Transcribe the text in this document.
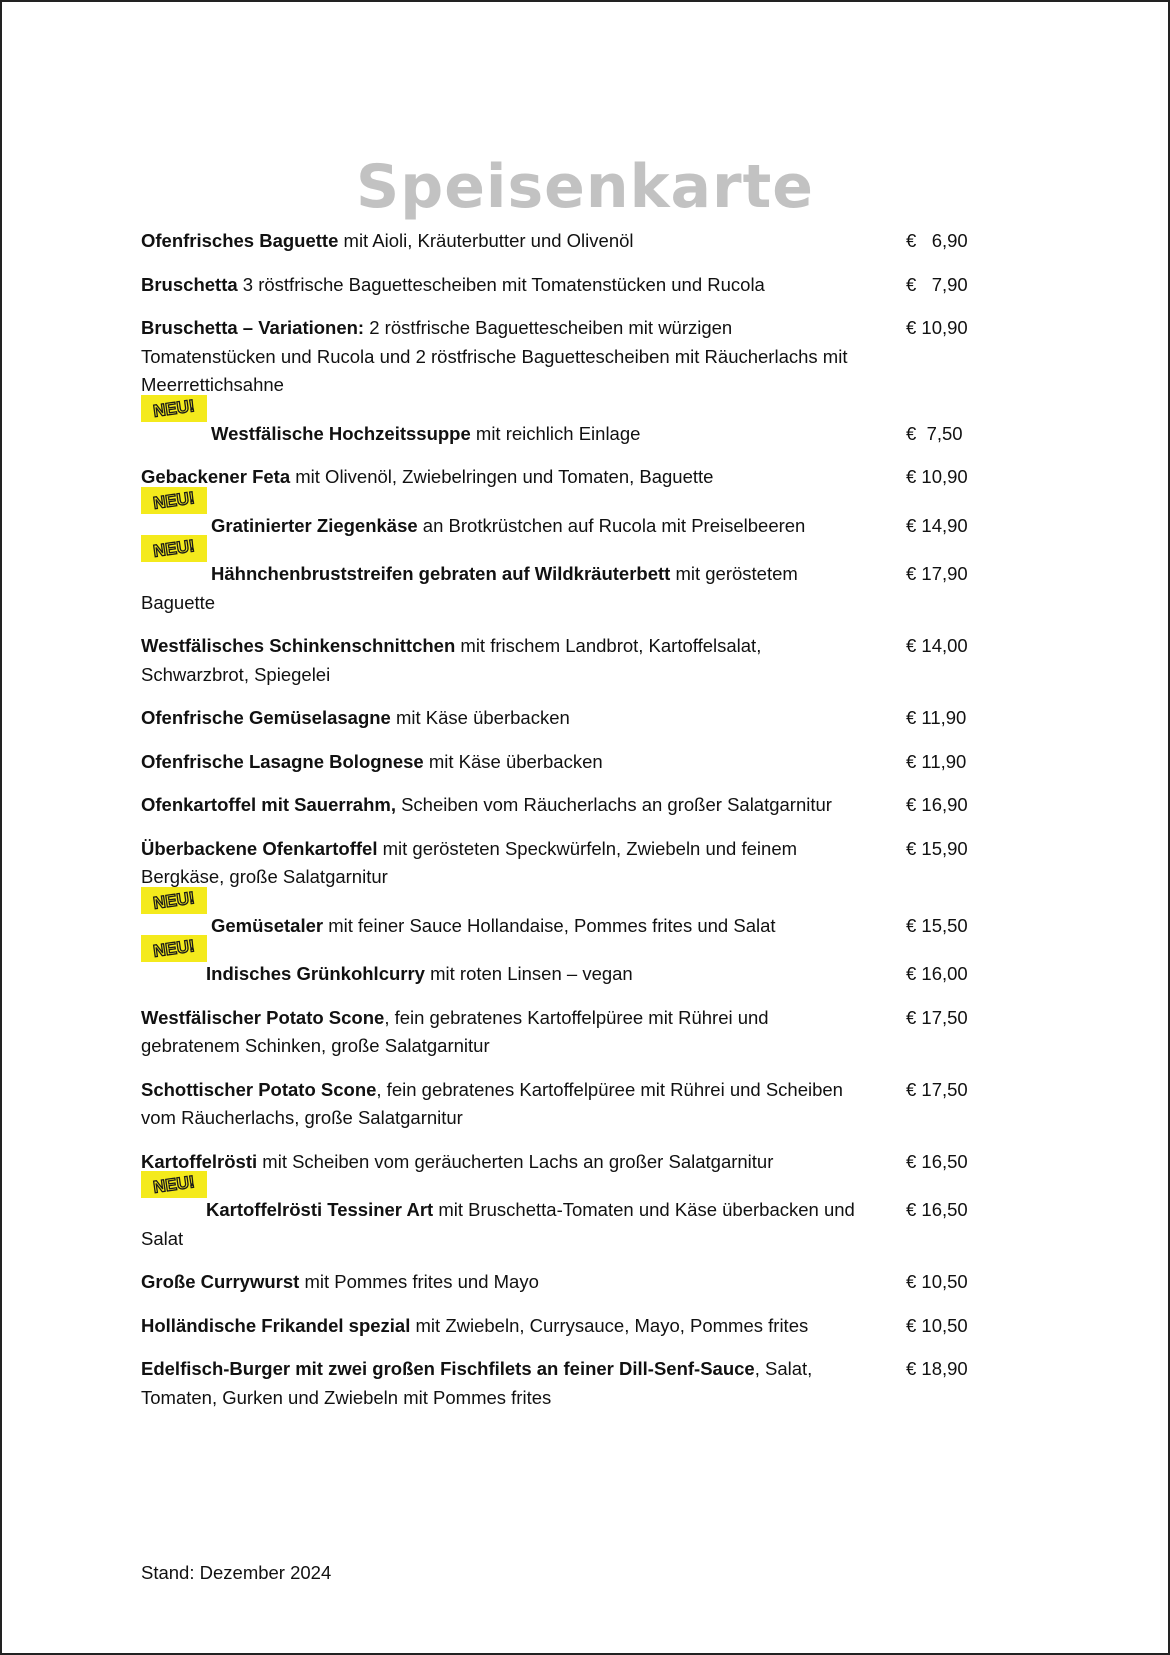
Speisenkarte
Ofenfrisches Baguette mit Aioli, Kräuterbutter und Olivenöl	€   6,90
Bruschetta 3 röstfrische Baguettescheiben mit Tomatenstücken und Rucola	€   7,90
Bruschetta – Variationen: 2 röstfrische Baguettescheiben mit würzigen Tomatenstücken und Rucola und 2 röstfrische Baguettescheiben mit Räucherlachs mit Meerrettichsahne
€ 10,90
NEU!
Westfälische Hochzeitssuppe mit reichlich Einlage	€  7,50
Gebackener Feta mit Olivenöl, Zwiebelringen und Tomaten, Baguette	€ 10,90
NEU!
Gratinierter Ziegenkäse an Brotkrüstchen auf Rucola mit Preiselbeeren	€ 14,90
NEU!
Hähnchenbruststreifen gebraten auf Wildkräuterbett mit geröstetem Baguette
€ 17,90
Westfälisches Schinkenschnittchen mit frischem Landbrot, Kartoffelsalat, Schwarzbrot, Spiegelei
€ 14,00
Ofenfrische Gemüselasagne mit Käse überbacken	€ 11,90
Ofenfrische Lasagne Bolognese mit Käse überbacken	€ 11,90
Ofenkartoffel mit Sauerrahm, Scheiben vom Räucherlachs an großer Salatgarnitur	€ 16,90
Überbackene Ofenkartoffel mit gerösteten Speckwürfeln, Zwiebeln und feinem Bergkäse, große Salatgarnitur
€ 15,90
NEU!
Gemüsetaler mit feiner Sauce Hollandaise, Pommes frites und Salat	€ 15,50
NEU!
Indisches Grünkohlcurry mit roten Linsen – vegan	€ 16,00
Westfälischer Potato Scone, fein gebratenes Kartoffelpüree mit Rührei und gebratenem Schinken, große Salatgarnitur
€ 17,50
Schottischer Potato Scone, fein gebratenes Kartoffelpüree mit Rührei und Scheiben vom Räucherlachs, große Salatgarnitur
€ 17,50
Kartoffelrösti mit Scheiben vom geräucherten Lachs an großer Salatgarnitur	€ 16,50
NEU!
Kartoffelrösti Tessiner Art mit Bruschetta-Tomaten und Käse überbacken und Salat
€ 16,50
Große Currywurst mit Pommes frites und Mayo	€ 10,50
Holländische Frikandel spezial mit Zwiebeln, Currysauce, Mayo, Pommes frites	€ 10,50
Edelfisch-Burger mit zwei großen Fischfilets an feiner Dill-Senf-Sauce, Salat, Tomaten, Gurken und Zwiebeln mit Pommes frites
€ 18,90
Stand: Dezember 2024
